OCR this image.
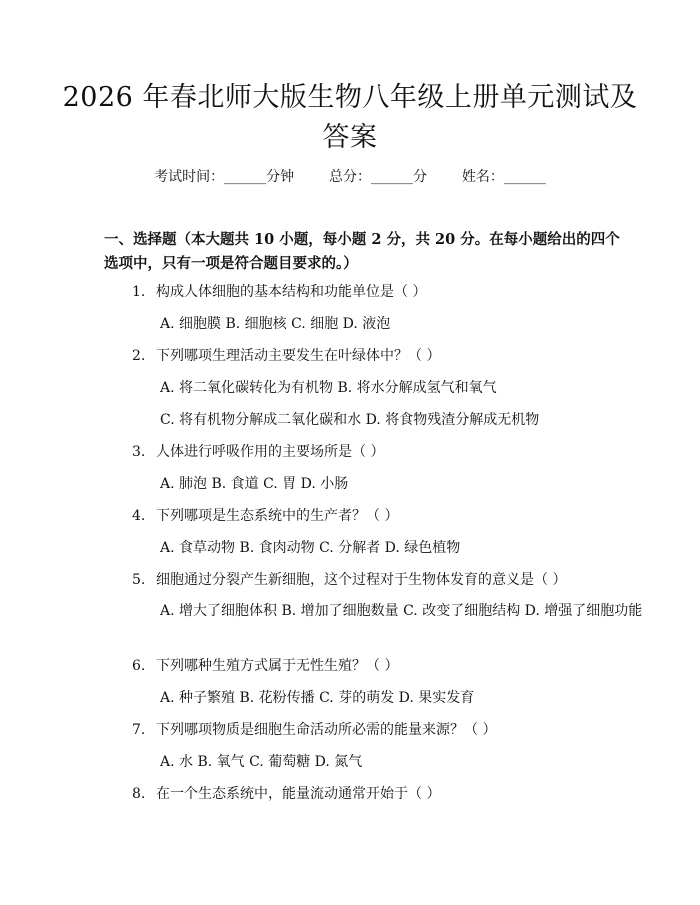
2026 年春北师大版生物八年级上册单元测试及答案
考试时间：______分钟 总分：______分 姓名：______
一、选择题（本大题共 10 小题，每小题 2 分，共 20 分。在每小题给出的四个选项中，只有一项是符合题目要求的。）
1. 构成人体细胞的基本结构和功能单位是（ ）
A. 细胞膜 B. 细胞核 C. 细胞 D. 液泡
2. 下列哪项生理活动主要发生在叶绿体中？（ ）
A. 将二氧化碳转化为有机物 B. 将水分解成氢气和氧气
C. 将有机物分解成二氧化碳和水 D. 将食物残渣分解成无机物
3. 人体进行呼吸作用的主要场所是（ ）
A. 肺泡 B. 食道 C. 胃 D. 小肠
4. 下列哪项是生态系统中的生产者？（ ）
A. 食草动物 B. 食肉动物 C. 分解者 D. 绿色植物
5. 细胞通过分裂产生新细胞，这个过程对于生物体发育的意义是（ ）
A. 增大了细胞体积 B. 增加了细胞数量 C. 改变了细胞结构 D. 增强了细胞功能
6. 下列哪种生殖方式属于无性生殖？（ ）
A. 种子繁殖 B. 花粉传播 C. 芽的萌发 D. 果实发育
7. 下列哪项物质是细胞生命活动所必需的能量来源？（ ）
A. 水 B. 氧气 C. 葡萄糖 D. 氮气
8. 在一个生态系统中，能量流动通常开始于（ ）
